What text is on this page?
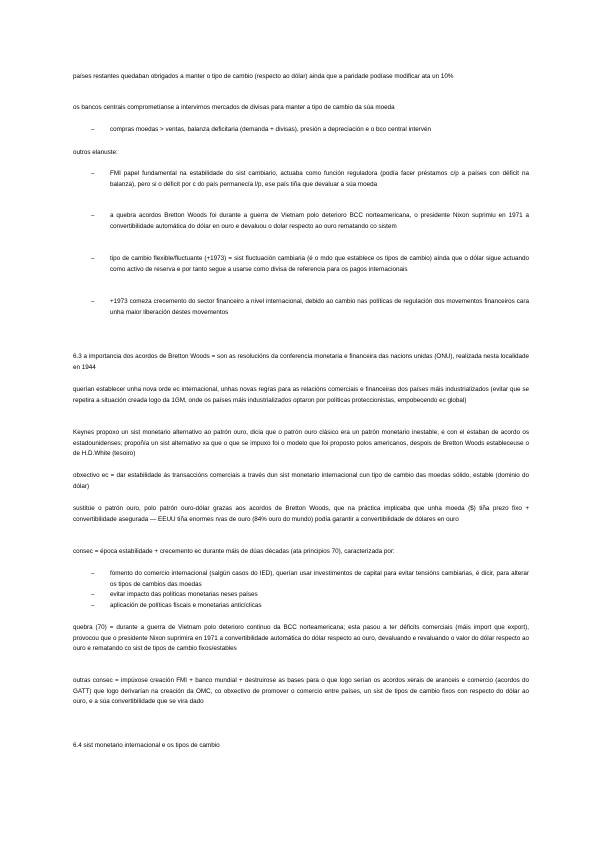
países restantes quedaban obrigados a manter o tipo de cambio (respecto ao dólar) ainda que a paridade podíase modificar ata un 10%

os bancos centrais comprometíanse a intervirnos mercados de divisas para manter a tipo de cambio da súa moeda

– compras moedas > ventas, balanza deficitaria (demanda + divisas), presión a depreciación e o bco central intervén

outros elanuste:

– FMI papel fundamental na estabilidade do sist cambiario, actuaba como función reguladora (podía facer préstamos c/p a países con déficit na balanza), pero si o déficit por c do país permanecía l/p, ese país tiña que devaluar a súa moeda

– a quebra acordos Bretton Woods foi durante a guerra de Vietnam polo deterioro BCC norteamericana, o presidente Nixon suprimiu en 1971 a convertibilidade automática do dólar en ouro e devaluou o dolar respecto ao ouro rematando co sistem

– tipo de cambio flexible/fluctuante (+1973) = sist fluctuación cambiaria (é o mdo que establece os tipos de cambio) aínda que o dólar sigue actuando como activo de reserva e por tanto segue a usarse como divisa de referencia para os pagos internacionais

– +1973 comeza crecemento do sector financeiro a nivel internacional, debido ao cambio nas políticas de regulación dos movementos financeiros cara unha maior liberación destes movementos

6.3 a importancia dos acordos de Bretton Woods = son as resolucións da conferencia monetaria e financeira das nacions unidas (ONU), realizada nesta localidade en 1944

querían establecer unha nova orde ec internacional, unhas novas regras para as relacións comerciais e financeiras dos países máis industrializados (evitar que se repetira a situación creada logo da 1GM, onde os países máis industrializados optaron por políticas proteccionistas, empobecendo ec global)

Keynes propoxo un sist monetario alternativo ao patrón ouro, dicia que o patrón ouro clásico era un patrón monetario inestable, e con el estaban de acordo os estadounidenses; propoñía un sist alternativo xa que o que se impuxo foi o modelo que foi proposto polos americanos, despois de Bretton Woods estableceuse o de H.D.White (tesoiro)

obxectivo ec = dar estabilidade ás transaccións comerciais a través dun sist monetario internacional cun tipo de cambio das moedas sólido, estable (dominio do dólar)

sustitúe o patrón ouro, polo patrón ouro-dólar grazas aos acordos de Bretton Woods, que na práctica implicaba que unha moeda ($) tiña prezo fixo + convertibilidade asegurada — EEUU tiña enormes rvas de ouro (84% ouro do mundo) podía garantir a convertibilidade de dólares en ouro

consec = época estabilidade + crecemento ec durante máis de dúas décadas (ata principios 70), caracterizada por:

– fomento do comercio internacional (salgún casos do IED), querían usar investimentos de capital para evitar tensións cambiarias, é dicir, para alterar os tipos de cambios das moedas

– evitar impacto das políticas monetarias neses países

– aplicación de políticas fiscais e monetarias anticíclicas

quebra (70) = durante a guerra de Vietnam polo deterioro continuo da BCC norteamericana; esta pasou a ter déficits comerciais (máis import que export), provocou que o presidente Nixon suprimira en 1971 a convertibilidade automática do dólar respecto ao ouro, devaluando e revaluando o valor do dólar respecto ao ouro e rematando co sist de tipos de cambio fixos/estables

outras consec = impúxose creación FMI + banco mundial + destruirose as bases para o que logo serían os acordos xerais de aranceis e comercio (acordos do GATT) que logo derivarían na creación da OMC, co obxectivo de promover o comercio entre países, un sist de tipos de cambio fixos con respecto do dólar ao ouro, e a súa convertibilidade que se vira dado

6.4 sist monetario internacional e os tipos de cambio
